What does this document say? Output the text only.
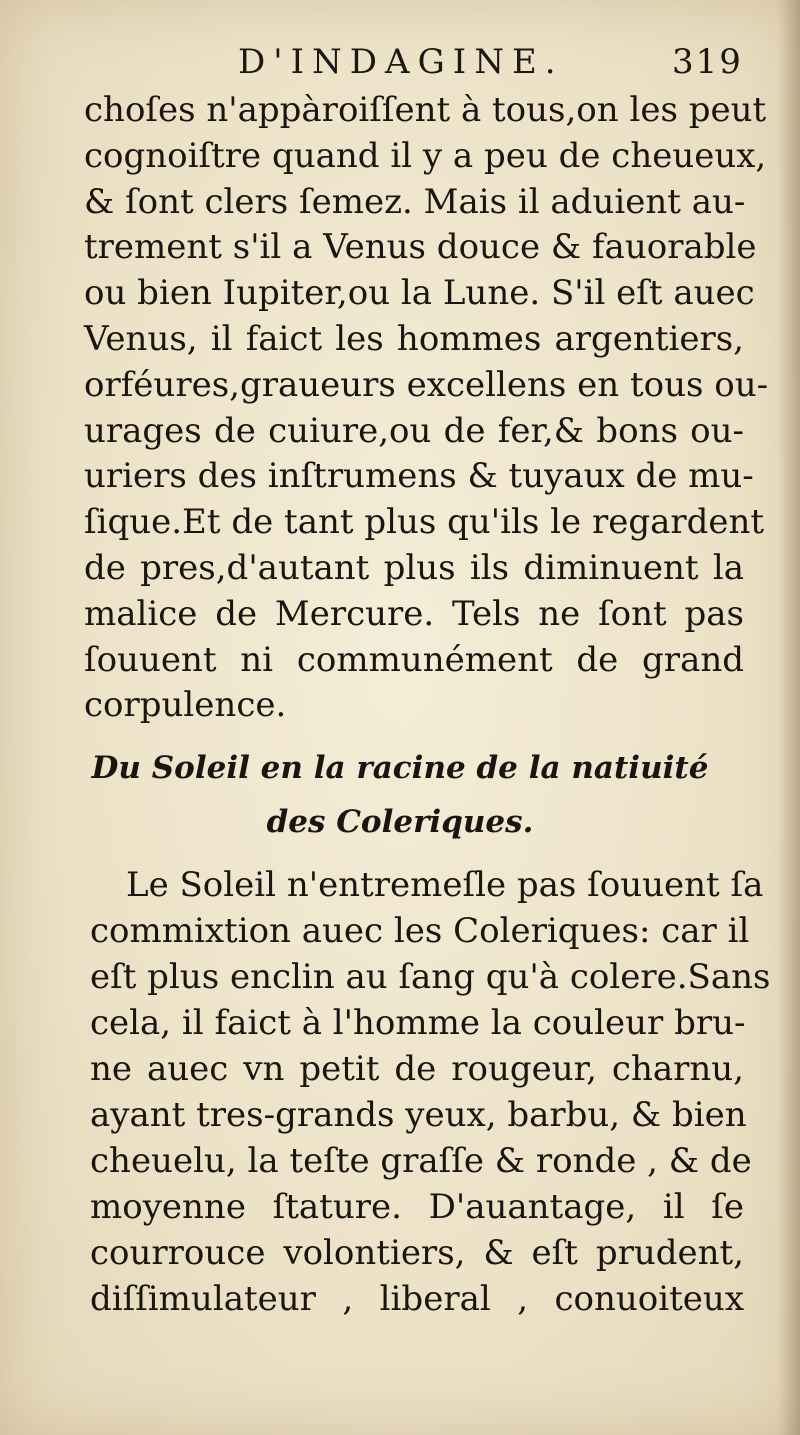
D'INDAGINE.	319
choſes n'appàroiſſent à tous,on les peut
cognoiſtre quand il y a peu de cheueux,
& ſont clers ſemez. Mais il aduient au-
trement s'il a Venus douce & fauorable
ou bien Iupiter,ou la Lune. S'il eſt auec
Venus, il faict les hommes argentiers,
orféures,graueurs excellens en tous ou-
urages de cuiure,ou de fer,& bons ou-
uriers des inſtrumens & tuyaux de mu-
ſique.Et de tant plus qu'ils le regardent
de pres,d'autant plus ils diminuent la
malice de Mercure. Tels ne ſont pas
ſouuent ni communément de grand
corpulence.
Du Soleil en la racine de la natiuité
des Coleriques.
Le Soleil n'entremeſle pas ſouuent ſa
commixtion auec les Coleriques: car il
eſt plus enclin au ſang qu'à colere.Sans
cela, il faict à l'homme la couleur bru-
ne auec vn petit de rougeur, charnu,
ayant tres-grands yeux, barbu, & bien
cheuelu, la teſte graſſe & ronde , & de
moyenne ſtature. D'auantage, il ſe
courrouce volontiers, & eſt prudent,
diſſimulateur , liberal , conuoiteux
